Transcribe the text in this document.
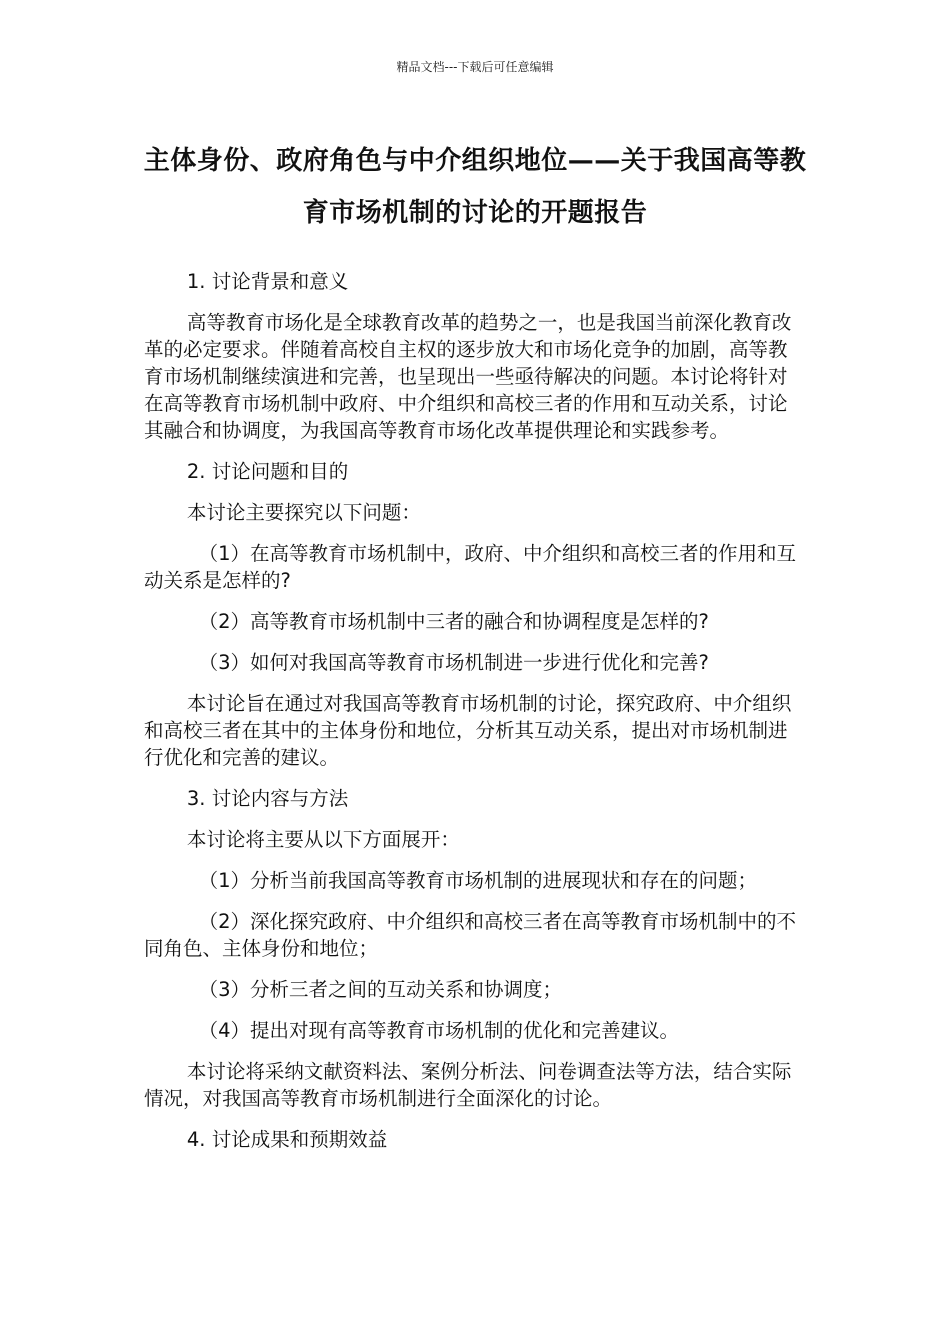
精品文档---下载后可任意编辑
主体身份、政府角色与中介组织地位——关于我国高等教育市场机制的讨论的开题报告

1. 讨论背景和意义

高等教育市场化是全球教育改革的趋势之一，也是我国当前深化教育改革的必定要求。伴随着高校自主权的逐步放大和市场化竞争的加剧，高等教育市场机制继续演进和完善，也呈现出一些亟待解决的问题。本讨论将针对在高等教育市场机制中政府、中介组织和高校三者的作用和互动关系，讨论其融合和协调度，为我国高等教育市场化改革提供理论和实践参考。

2. 讨论问题和目的

本讨论主要探究以下问题：

（1）在高等教育市场机制中，政府、中介组织和高校三者的作用和互动关系是怎样的?

（2）高等教育市场机制中三者的融合和协调程度是怎样的?

（3）如何对我国高等教育市场机制进一步进行优化和完善?

本讨论旨在通过对我国高等教育市场机制的讨论，探究政府、中介组织和高校三者在其中的主体身份和地位，分析其互动关系，提出对市场机制进行优化和完善的建议。

3. 讨论内容与方法

本讨论将主要从以下方面展开：

（1）分析当前我国高等教育市场机制的进展现状和存在的问题；

（2）深化探究政府、中介组织和高校三者在高等教育市场机制中的不同角色、主体身份和地位；

（3）分析三者之间的互动关系和协调度；

（4）提出对现有高等教育市场机制的优化和完善建议。

本讨论将采纳文献资料法、案例分析法、问卷调查法等方法，结合实际情况，对我国高等教育市场机制进行全面深化的讨论。

4. 讨论成果和预期效益
